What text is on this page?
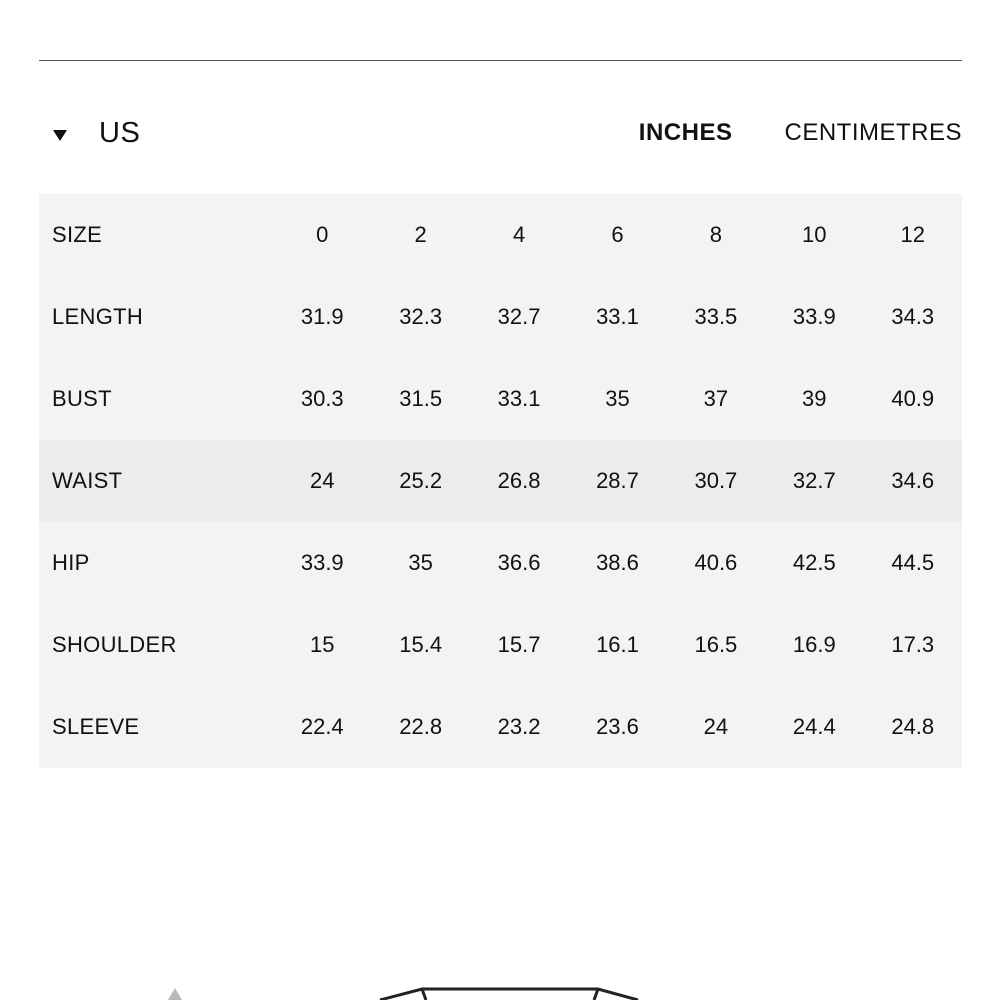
US	INCHES CENTIMETRES
SIZE	0	2	4	6	8	10	12
LENGTH	31.9	32.3	32.7	33.1	33.5	33.9	34.3
BUST	30.3	31.5	33.1	35	37	39	40.9
WAIST	24	25.2	26.8	28.7	30.7	32.7	34.6
HIP	33.9	35	36.6	38.6	40.6	42.5	44.5
SHOULDER	15	15.4	15.7	16.1	16.5	16.9	17.3
SLEEVE	22.4	22.8	23.2	23.6	24	24.4	24.8
